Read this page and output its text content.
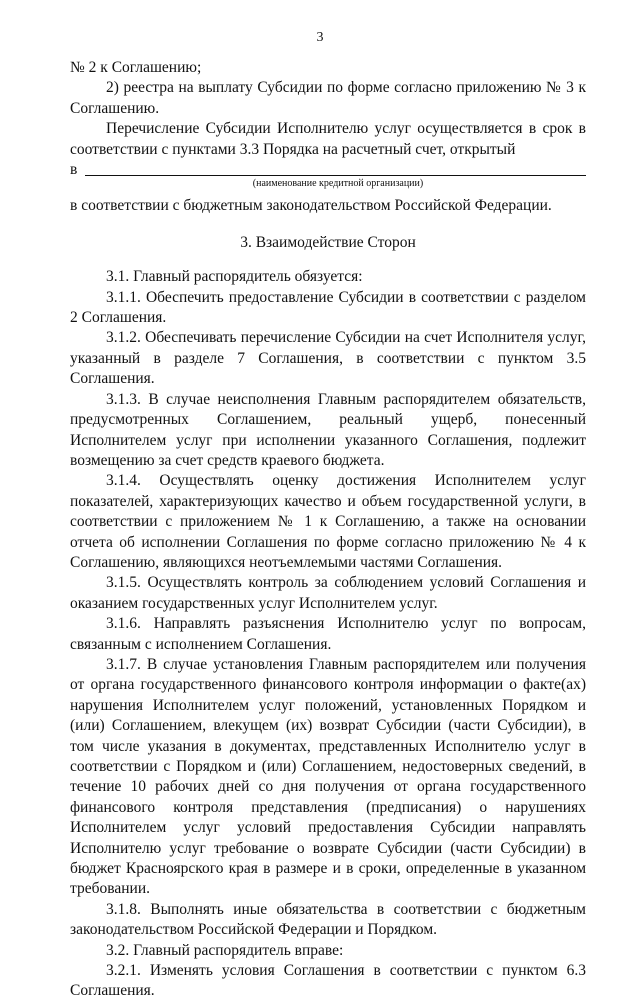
3

№ 2 к Соглашению;

2) реестра на выплату Субсидии по форме согласно приложению № 3 к Соглашению.

Перечисление Субсидии Исполнителю услуг осуществляется в срок в соответствии с пунктами 3.3 Порядка на расчетный счет, открытый

в
(наименование кредитной организации)

в соответствии с бюджетным законодательством Российской Федерации.

3. Взаимодействие Сторон

3.1. Главный распорядитель обязуется:

3.1.1. Обеспечить предоставление Субсидии в соответствии с разделом 2 Соглашения.

3.1.2. Обеспечивать перечисление Субсидии на счет Исполнителя услуг, указанный в разделе 7 Соглашения, в соответствии с пунктом 3.5 Соглашения.

3.1.3. В случае неисполнения Главным распорядителем обязательств, предусмотренных Соглашением, реальный ущерб, понесенный Исполнителем услуг при исполнении указанного Соглашения, подлежит возмещению за счет средств краевого бюджета.

3.1.4. Осуществлять оценку достижения Исполнителем услуг показателей, характеризующих качество и объем государственной услуги, в соответствии с приложением № 1 к Соглашению, а также на основании отчета об исполнении Соглашения по форме согласно приложению № 4 к Соглашению, являющихся неотъемлемыми частями Соглашения.

3.1.5. Осуществлять контроль за соблюдением условий Соглашения и оказанием государственных услуг Исполнителем услуг.

3.1.6. Направлять разъяснения Исполнителю услуг по вопросам, связанным с исполнением Соглашения.

3.1.7. В случае установления Главным распорядителем или получения от органа государственного финансового контроля информации о факте(ах) нарушения Исполнителем услуг положений, установленных Порядком и (или) Соглашением, влекущем (их) возврат Субсидии (части Субсидии), в том числе указания в документах, представленных Исполнителю услуг в соответствии с Порядком и (или) Соглашением, недостоверных сведений, в течение 10 рабочих дней со дня получения от органа государственного финансового контроля представления (предписания) о нарушениях Исполнителем услуг условий предоставления Субсидии направлять Исполнителю услуг требование о возврате Субсидии (части Субсидии) в бюджет Красноярского края в размере и в сроки, определенные в указанном требовании.

3.1.8. Выполнять иные обязательства в соответствии с бюджетным законодательством Российской Федерации и Порядком.

3.2. Главный распорядитель вправе:

3.2.1. Изменять условия Соглашения в соответствии с пунктом 6.3 Соглашения.
